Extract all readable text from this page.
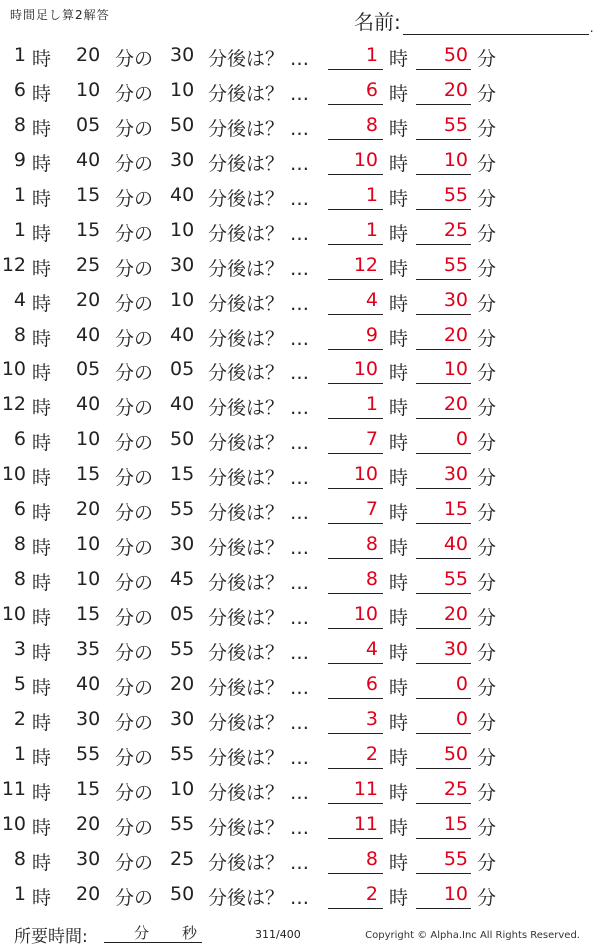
時間足し算2解答	名前:	.
1 時 20 分の 30 分後は？ …	1 時 50 分
6 時 10 分の 10 分後は？ …	6 時 20 分
8 時 05 分の 50 分後は？ …	8 時 55 分
9 時 40 分の 30 分後は？ … 10 時 10 分
1 時 15 分の 40 分後は？ …	1 時 55 分
1 時 15 分の 10 分後は？ …	1 時 25 分
12 時 25 分の 30 分後は？ … 12 時 55 分
4 時 20 分の 10 分後は？ …	4 時 30 分
8 時 40 分の 40 分後は？ …	9 時 20 分
10 時 05 分の 05 分後は？ … 10 時 10 分
12 時 40 分の 40 分後は？ …	1 時 20 分
6 時 10 分の 50 分後は？ …	7 時	0 分
10 時 15 分の 15 分後は？ … 10 時 30 分
6 時 20 分の 55 分後は？ …	7 時 15 分
8 時 10 分の 30 分後は？ …	8 時 40 分
8 時 10 分の 45 分後は？ …	8 時 55 分
10 時 15 分の 05 分後は？ … 10 時 20 分
3 時 35 分の 55 分後は？ …	4 時 30 分
5 時 40 分の 20 分後は？ …	6 時	0 分
2 時 30 分の 30 分後は？ …	3 時	0 分
1 時 55 分の 55 分後は？ …	2 時 50 分
11 時 15 分の 10 分後は？ … 11 時 25 分
10 時 20 分の 55 分後は？ … 11 時 15 分
8 時 30 分の 25 分後は？ …	8 時 55 分
1 時 20 分の 50 分後は？ …	2 時 10 分
所要時間:	分 秒	311/400	Copyright © Alpha.Inc All Rights Reserved.
